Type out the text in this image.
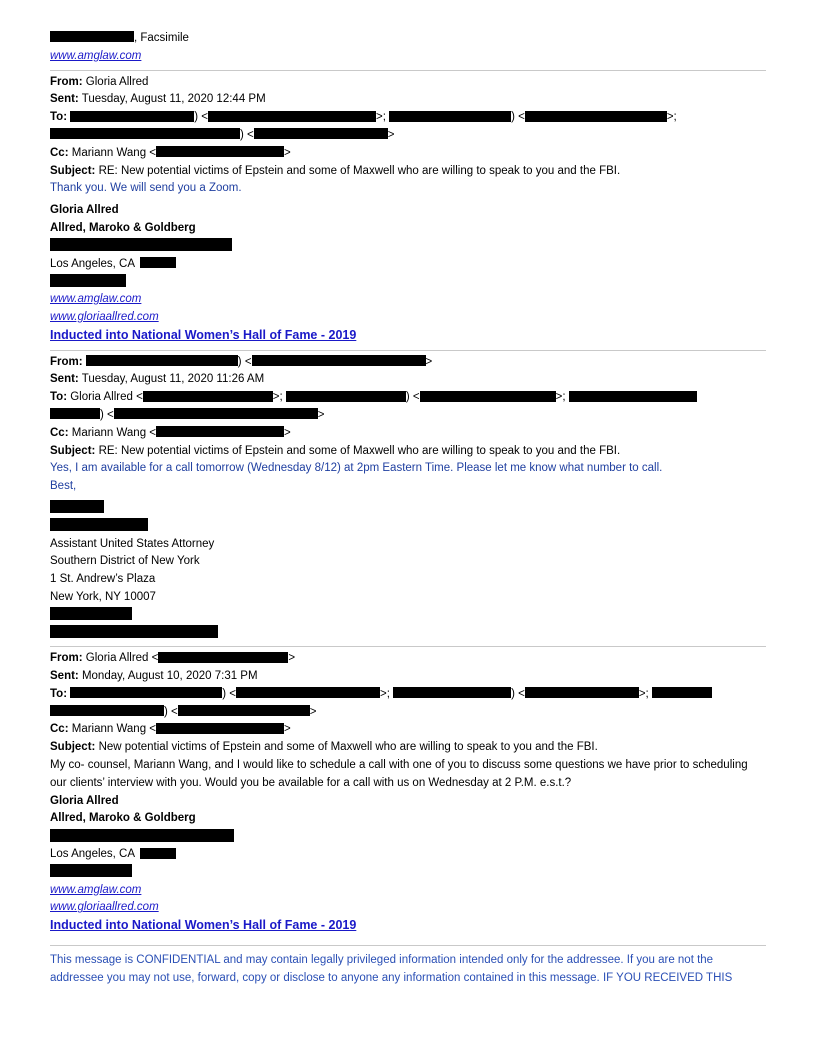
, Facsimile
www.amglaw.com
From: Gloria Allred
Sent: Tuesday, August 11, 2020 12:44 PM
To:	) <	>;	) <	>;
) <	>
Cc: Mariann Wang <	>
Subject: RE: New potential victims of Epstein and some of Maxwell who are willing to speak to you and the FBI.
Thank you. We will send you a Zoom.
Gloria Allred
Allred, Maroko & Goldberg
Los Angeles, CA
www.amglaw.com
www.gloriaallred.com
Inducted into National Women’s Hall of Fame - 2019
From:	) <	>
Sent: Tuesday, August 11, 2020 11:26 AM
To: Gloria Allred <	>;	) <	>;
) <	>
Cc: Mariann Wang <	>
Subject: RE: New potential victims of Epstein and some of Maxwell who are willing to speak to you and the FBI.
Yes, I am available for a call tomorrow (Wednesday 8/12) at 2pm Eastern Time. Please let me know what number to call.
Best,
Assistant United States Attorney
Southern District of New York
1 St. Andrew’s Plaza
New York, NY 10007
From: Gloria Allred <	>
Sent: Monday, August 10, 2020 7:31 PM
To:	) <	>;	) <	>;
) <	>
Cc: Mariann Wang <	>
Subject: New potential victims of Epstein and some of Maxwell who are willing to speak to you and the FBI.
My co- counsel, Mariann Wang, and I would like to schedule a call with one of you to discuss some questions we have prior to scheduling our clients’ interview with you. Would you be available for a call with us on Wednesday at 2 P.M. e.s.t.?
Gloria Allred
Allred, Maroko & Goldberg
Los Angeles, CA
www.amglaw.com
www.gloriaallred.com
Inducted into National Women’s Hall of Fame - 2019
This message is CONFIDENTIAL and may contain legally privileged information intended only for the addressee. If you are not the addressee you may not use, forward, copy or disclose to anyone any information contained in this message. IF YOU RECEIVED THIS
